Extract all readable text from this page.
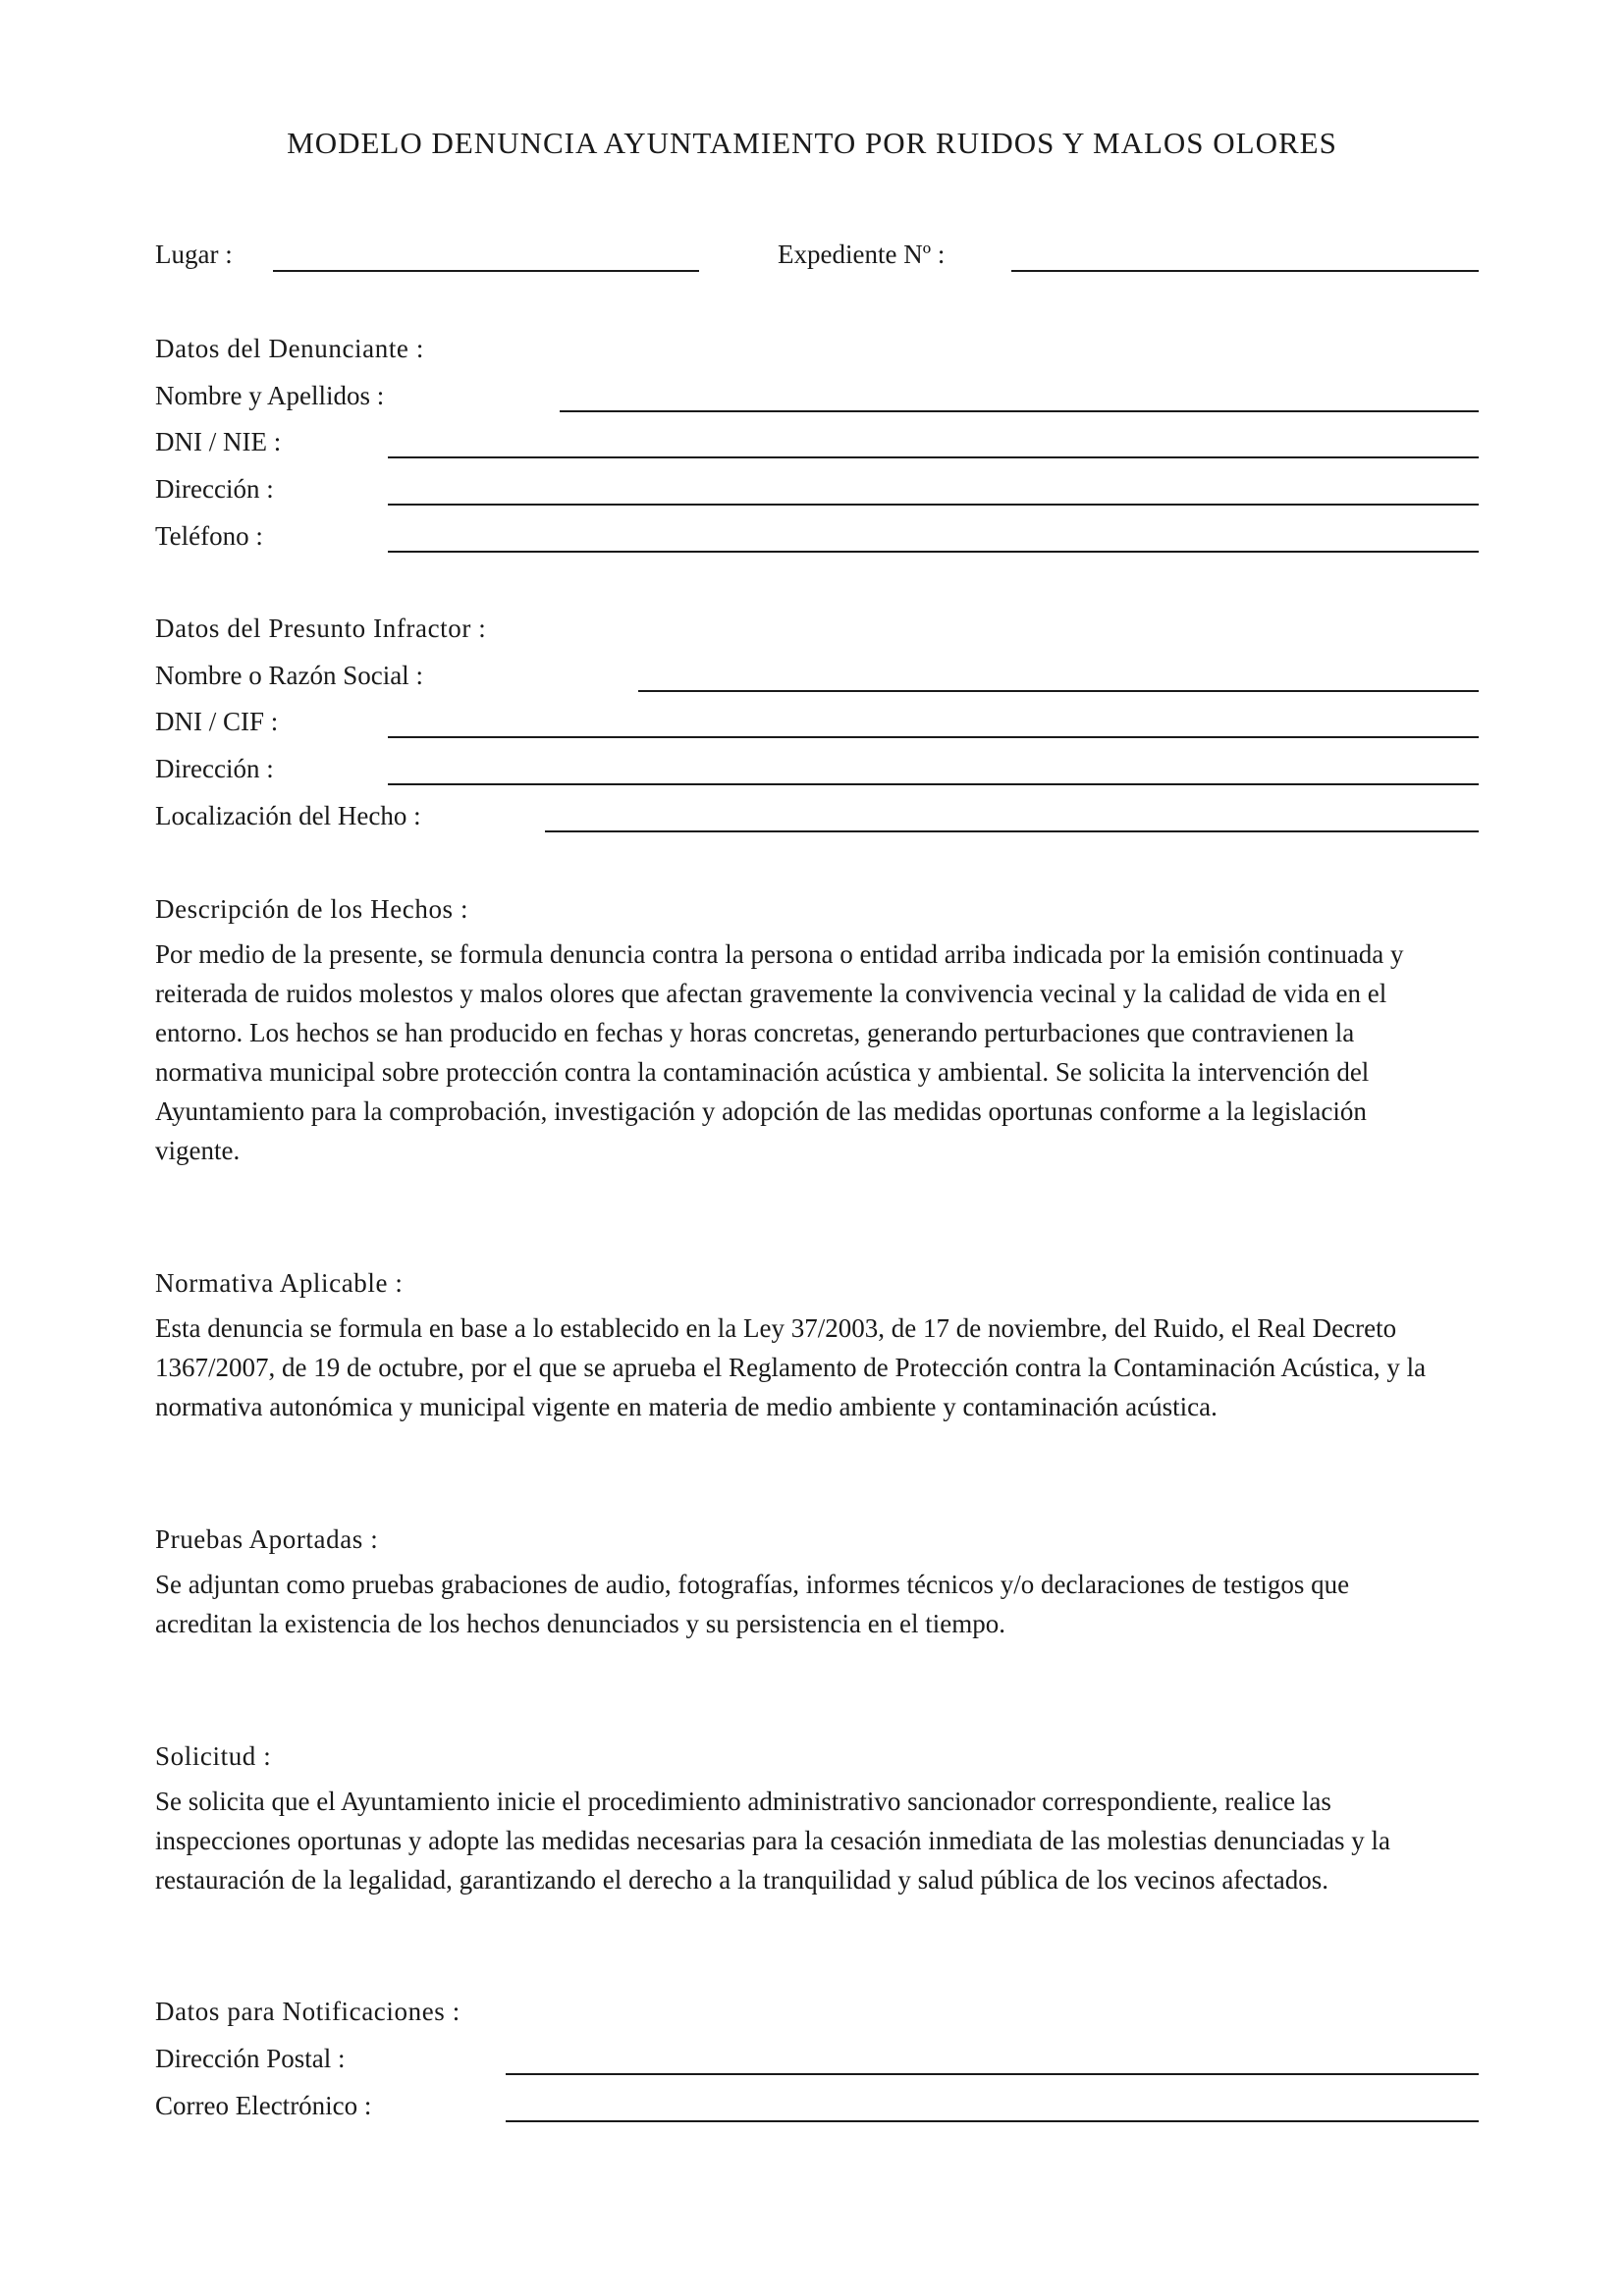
MODELO DENUNCIA AYUNTAMIENTO POR RUIDOS Y MALOS OLORES
Lugar :	Expediente Nº :
Datos del Denunciante :
Nombre y Apellidos :
DNI / NIE :
Dirección :
Teléfono :
Datos del Presunto Infractor :
Nombre o Razón Social :
DNI / CIF :
Dirección :
Localización del Hecho :
Descripción de los Hechos :
Por medio de la presente, se formula denuncia contra la persona o entidad arriba indicada por la emisión continuada y
reiterada de ruidos molestos y malos olores que afectan gravemente la convivencia vecinal y la calidad de vida en el
entorno. Los hechos se han producido en fechas y horas concretas, generando perturbaciones que contravienen la
normativa municipal sobre protección contra la contaminación acústica y ambiental. Se solicita la intervención del
Ayuntamiento para la comprobación, investigación y adopción de las medidas oportunas conforme a la legislación
vigente.
Normativa Aplicable :
Esta denuncia se formula en base a lo establecido en la Ley 37/2003, de 17 de noviembre, del Ruido, el Real Decreto
1367/2007, de 19 de octubre, por el que se aprueba el Reglamento de Protección contra la Contaminación Acústica, y la
normativa autonómica y municipal vigente en materia de medio ambiente y contaminación acústica.
Pruebas Aportadas :
Se adjuntan como pruebas grabaciones de audio, fotografías, informes técnicos y/o declaraciones de testigos que
acreditan la existencia de los hechos denunciados y su persistencia en el tiempo.
Solicitud :
Se solicita que el Ayuntamiento inicie el procedimiento administrativo sancionador correspondiente, realice las
inspecciones oportunas y adopte las medidas necesarias para la cesación inmediata de las molestias denunciadas y la
restauración de la legalidad, garantizando el derecho a la tranquilidad y salud pública de los vecinos afectados.
Datos para Notificaciones :
Dirección Postal :
Correo Electrónico :
